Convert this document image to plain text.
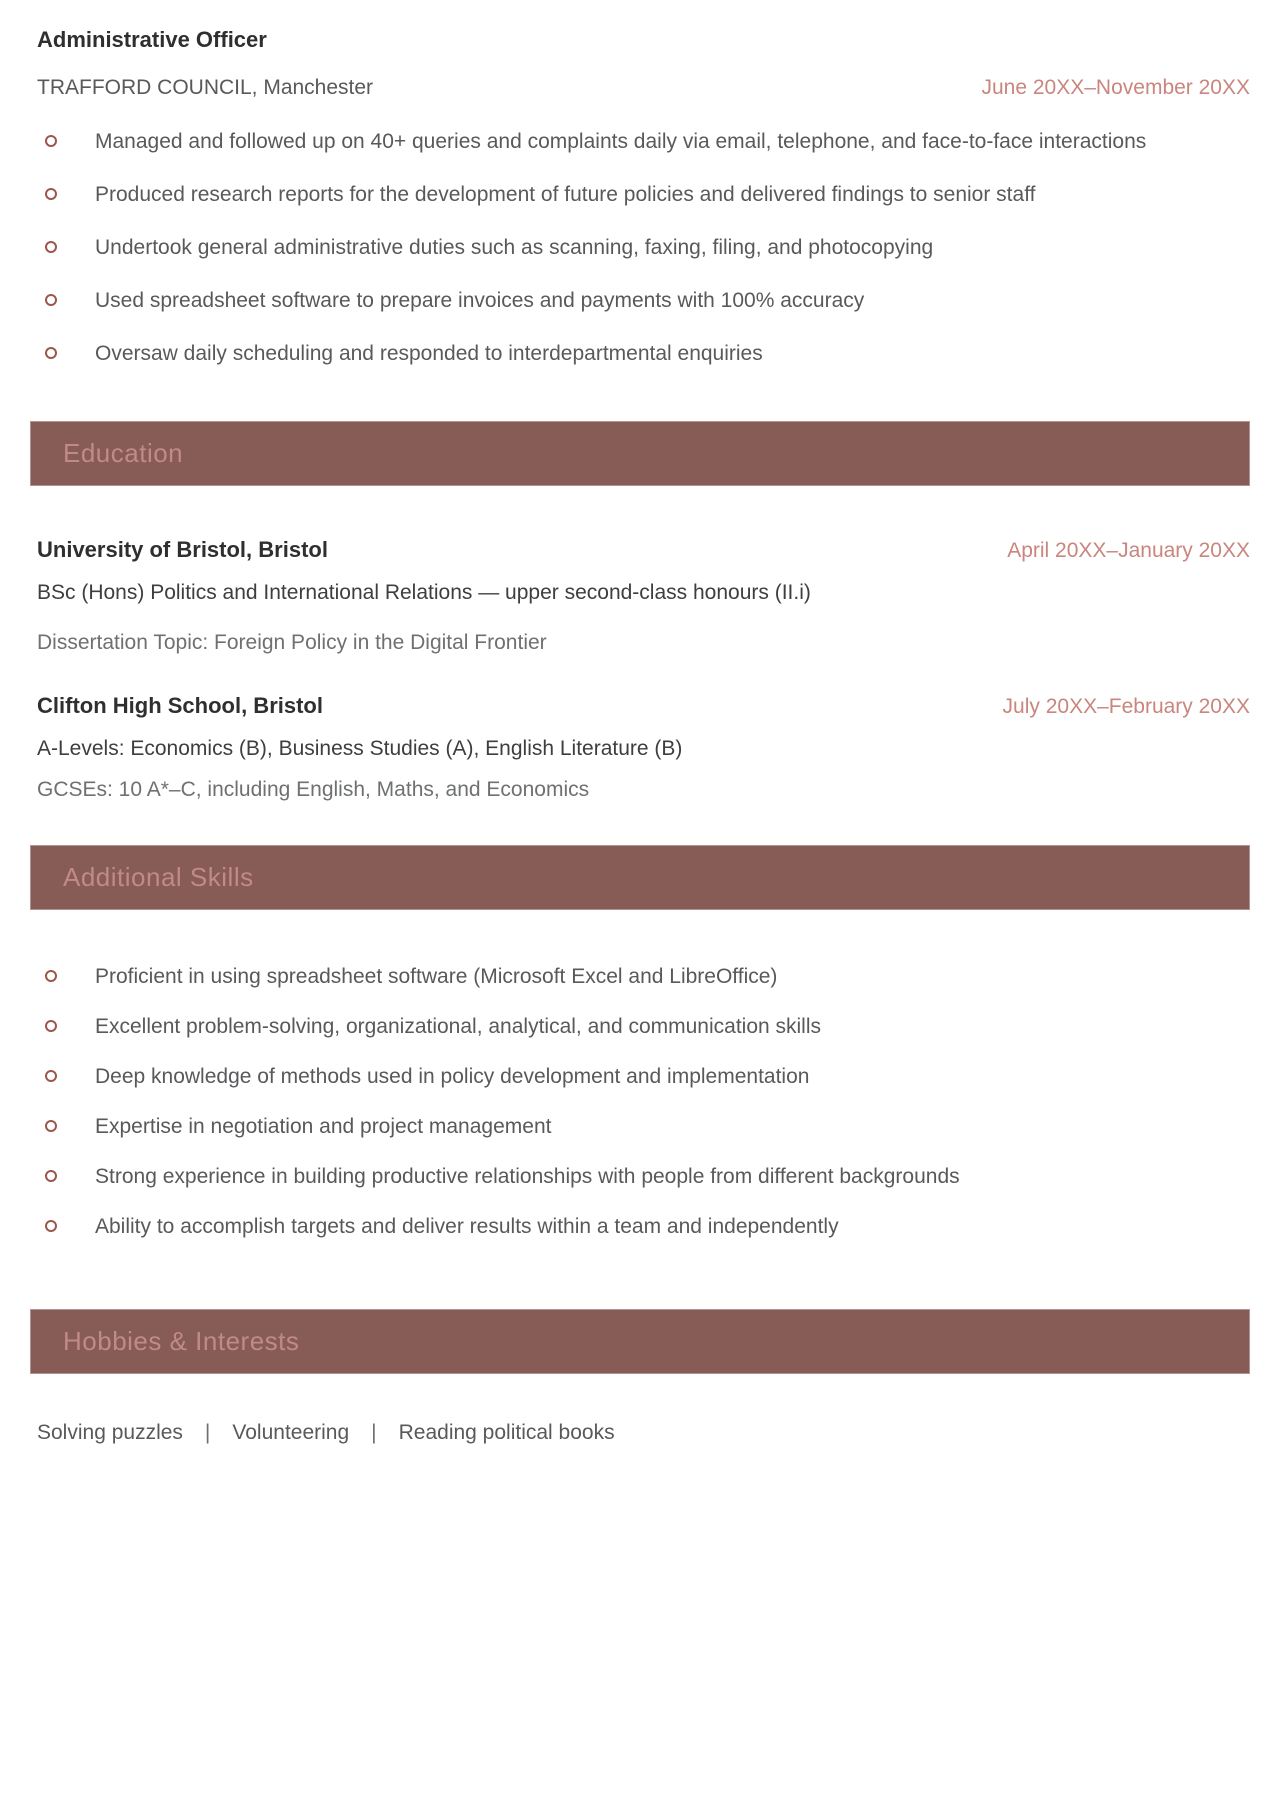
Administrative Officer
TRAFFORD COUNCIL, Manchester	June 20XX–November 20XX
Managed and followed up on 40+ queries and complaints daily via email, telephone, and face-to-face interactions
Produced research reports for the development of future policies and delivered findings to senior staff
Undertook general administrative duties such as scanning, faxing, filing, and photocopying
Used spreadsheet software to prepare invoices and payments with 100% accuracy
Oversaw daily scheduling and responded to interdepartmental enquiries
Education
University of Bristol, Bristol	April 20XX–January 20XX

BSc (Hons) Politics and International Relations — upper second-class honours (II.i)

Dissertation Topic: Foreign Policy in the Digital Frontier

Clifton High School, Bristol	July 20XX–February 20XX

A-Levels: Economics (B), Business Studies (A), English Literature (B)

GCSEs: 10 A*–C, including English, Maths, and Economics

Additional Skills
Proficient in using spreadsheet software (Microsoft Excel and LibreOffice)
Excellent problem-solving, organizational, analytical, and communication skills
Deep knowledge of methods used in policy development and implementation
Expertise in negotiation and project management
Strong experience in building productive relationships with people from different backgrounds
Ability to accomplish targets and deliver results within a team and independently
Hobbies & Interests
Solving puzzles | Volunteering | Reading political books
